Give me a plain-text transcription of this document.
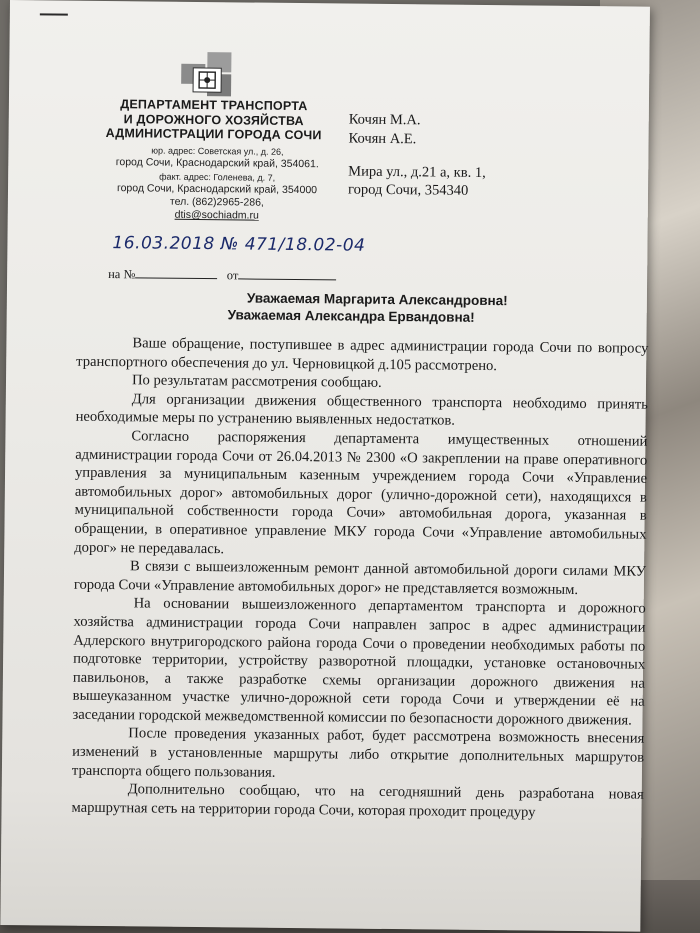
ДЕПАРТАМЕНТ ТРАНСПОРТА
И ДОРОЖНОГО ХОЗЯЙСТВА
АДМИНИСТРАЦИИ ГОРОДА СОЧИ
юр. адрес: Советская ул., д. 26,
город Сочи, Краснодарский край, 354061.
факт. адрес: Голенева, д. 7,
город Сочи, Краснодарский край, 354000
тел. (862)2965-286,
dtis@sochiadm.ru
Кочян М.А.
Кочян А.Е.
Мира ул., д.21 а, кв. 1,
город Сочи, 354340
16.03.2018 № 471/18.02-04
на №	от
Уважаемая Маргарита Александровна!
Уважаемая Александра Ервандовна!

Ваше обращение, поступившее в адрес администрации города Сочи по вопросу транспортного обеспечения до ул. Черновицкой д.105 рассмотрено.

По результатам рассмотрения сообщаю.

Для организации движения общественного транспорта необходимо принять необходимые меры по устранению выявленных недостатков.

Согласно распоряжения департамента имущественных отношений администрации города Сочи от 26.04.2013 № 2300 «О закреплении на праве оперативного управления за муниципальным казенным учреждением города Сочи «Управление автомобильных дорог» автомобильных дорог (улично-дорожной сети), находящихся в муниципальной собственности города Сочи» автомобильная дорога, указанная в обращении, в оперативное управление МКУ города Сочи «Управление автомобильных дорог» не передавалась.

В связи с вышеизложенным ремонт данной автомобильной дороги силами МКУ города Сочи «Управление автомобильных дорог» не представляется возможным.

На основании вышеизложенного департаментом транспорта и дорожного хозяйства администрации города Сочи направлен запрос в адрес администрации Адлерского внутригородского района города Сочи о проведении необходимых работы по подготовке территории, устройству разворотной площадки, установке остановочных павильонов, а также разработке схемы организации дорожного движения на вышеуказанном участке улично-дорожной сети города Сочи и утверждении её на заседании городской межведомственной комиссии по безопасности дорожного движения.

После проведения указанных работ, будет рассмотрена возможность внесения изменений в установленные маршруты либо открытие дополнительных маршрутов транспорта общего пользования.

Дополнительно сообщаю, что на сегодняшний день разработана новая маршрутная сеть на территории города Сочи, которая проходит процедуру
